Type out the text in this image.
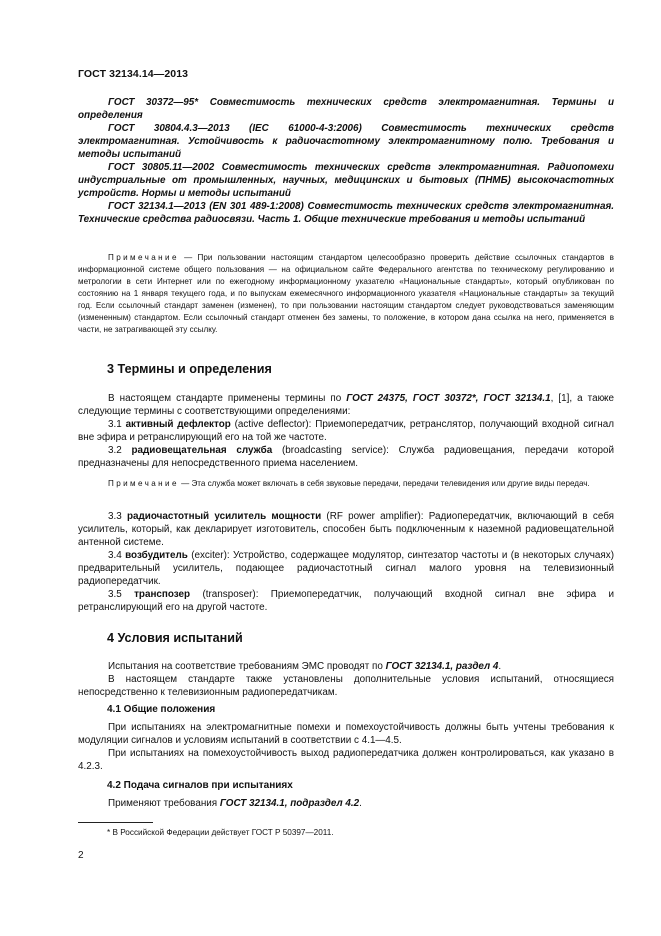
ГОСТ 32134.14—2013

ГОСТ 30372—95* Совместимость технических средств электромагнитная. Термины и определения

ГОСТ 30804.4.3—2013 (IEC 61000-4-3:2006) Совместимость технических средств электромагнитная. Устойчивость к радиочастотному электромагнитному полю. Требования и методы испытаний

ГОСТ 30805.11—2002 Совместимость технических средств электромагнитная. Радиопомехи индустриальные от промышленных, научных, медицинских и бытовых (ПНМБ) высокочастотных устройств. Нормы и методы испытаний

ГОСТ 32134.1—2013 (EN 301 489-1:2008) Совместимость технических средств электромагнитная. Технические средства радиосвязи. Часть 1. Общие технические требования и методы испытаний

Примечание — При пользовании настоящим стандартом целесообразно проверить действие ссылочных стандартов в информационной системе общего пользования — на официальном сайте Федерального агентства по техническому регулированию и метрологии в сети Интернет или по ежегодному информационному указателю «Национальные стандарты», который опубликован по состоянию на 1 января текущего года, и по выпускам ежемесячного информационного указателя «Национальные стандарты» за текущий год. Если ссылочный стандарт заменен (изменен), то при пользовании настоящим стандартом следует руководствоваться заменяющим (измененным) стандартом. Если ссылочный стандарт отменен без замены, то положение, в котором дана ссылка на него, применяется в части, не затрагивающей эту ссылку.

3 Термины и определения

В настоящем стандарте применены термины по ГОСТ 24375, ГОСТ 30372*, ГОСТ 32134.1, [1], а также следующие термины с соответствующими определениями:

3.1 активный дефлектор (active deflector): Приемопередатчик, ретранслятор, получающий входной сигнал вне эфира и ретранслирующий его на той же частоте.

3.2 радиовещательная служба (broadcasting service): Служба радиовещания, передачи которой предназначены для непосредственного приема населением.

Примечание — Эта служба может включать в себя звуковые передачи, передачи телевидения или другие виды передач.

3.3 радиочастотный усилитель мощности (RF power amplifier): Радиопередатчик, включающий в себя усилитель, который, как декларирует изготовитель, способен быть подключенным к наземной радиовещательной антенной системе.

3.4 возбудитель (exciter): Устройство, содержащее модулятор, синтезатор частоты и (в некоторых случаях) предварительный усилитель, подающее радиочастотный сигнал малого уровня на телевизионный радиопередатчик.

3.5 транспозер (transposer): Приемопередатчик, получающий входной сигнал вне эфира и ретранслирующий его на другой частоте.

4 Условия испытаний

Испытания на соответствие требованиям ЭМС проводят по ГОСТ 32134.1, раздел 4.

В настоящем стандарте также установлены дополнительные условия испытаний, относящиеся непосредственно к телевизионным радиопередатчикам.

4.1 Общие положения

При испытаниях на электромагнитные помехи и помехоустойчивость должны быть учтены требования к модуляции сигналов и условиям испытаний в соответствии с 4.1—4.5.

При испытаниях на помехоустойчивость выход радиопередатчика должен контролироваться, как указано в 4.2.3.

4.2 Подача сигналов при испытаниях

Применяют требования ГОСТ 32134.1, подраздел 4.2.

* В Российской Федерации действует ГОСТ Р 50397—2011.
2
